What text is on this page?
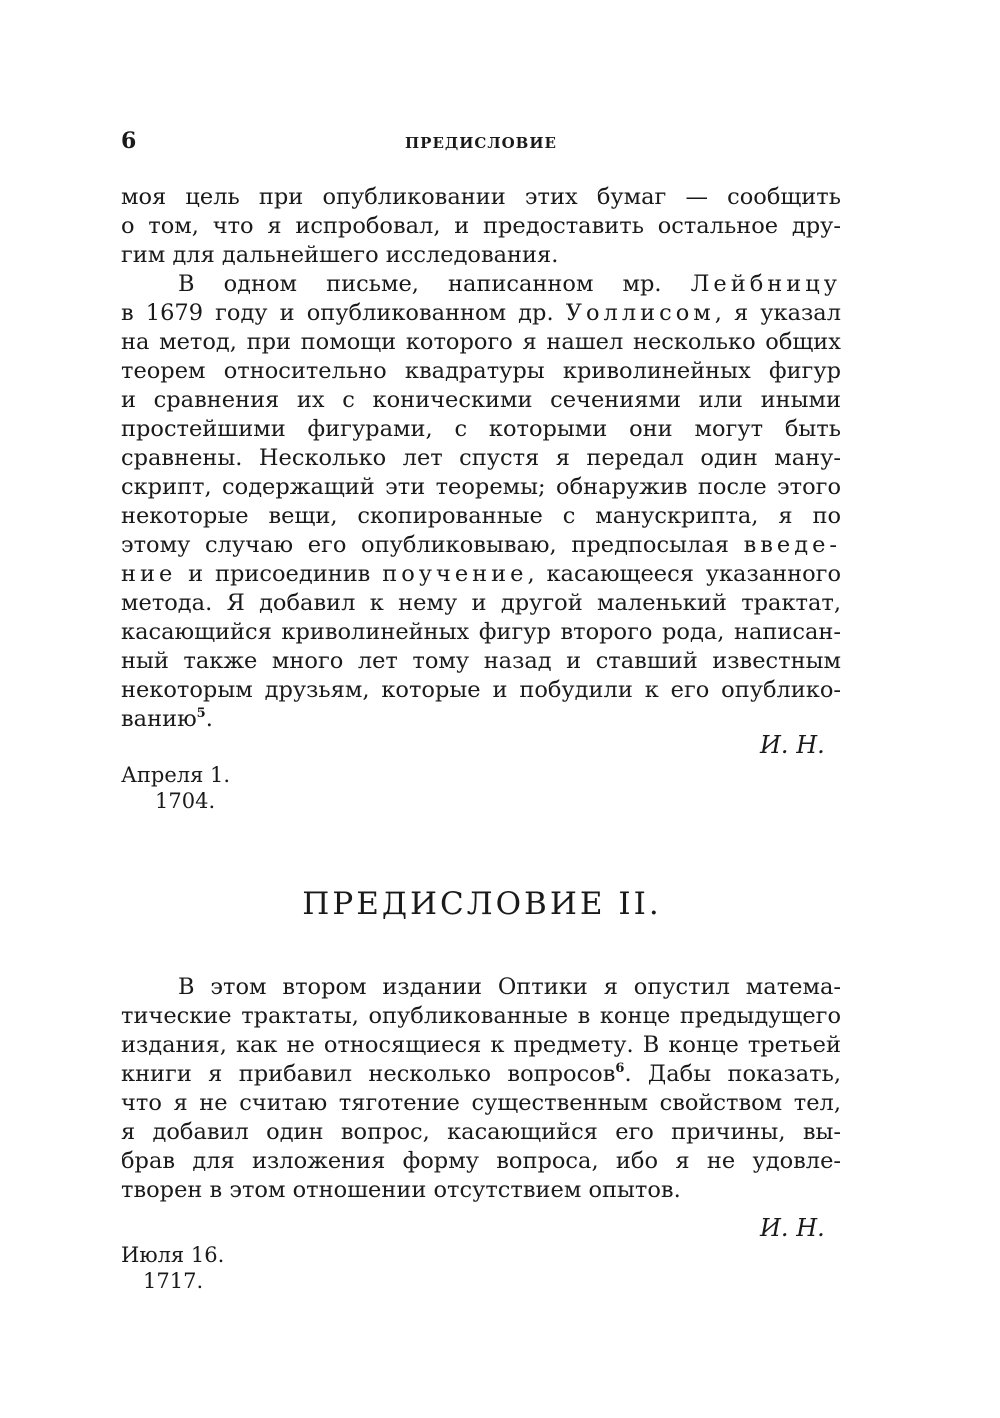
6	ПРЕДИСЛОВИЕ
моя цель при опубликовании этих бумаг — сообщить
о том, что я испробовал, и предоставить остальное дру-
гим для дальнейшего исследования.
В одном письме, написанном мр. Лейбницу
в 1679 году и опубликованном др. Уоллисом, я указал
на метод, при помощи которого я нашел несколько общих
теорем относительно квадратуры криволинейных фигур
и сравнения их с коническими сечениями или иными
простейшими фигурами, с которыми они могут быть
сравнены. Несколько лет спустя я передал один ману-
скрипт, содержащий эти теоремы; обнаружив после этого
некоторые вещи, скопированные с манускрипта, я по
этому случаю его опубликовываю, предпосылая введе-
ние и присоединив поучение, касающееся указанного
метода. Я добавил к нему и другой маленький трактат,
касающийся криволинейных фигур второго рода, написан-
ный также много лет тому назад и ставший известным
некоторым друзьям, которые и побудили к его опублико-
ванию$^5$.
И. Н.
Апреля 1.
1704.
ПРЕДИСЛОВИЕ II.
В этом втором издании Оптики я опустил матема-
тические трактаты, опубликованные в конце предыдущего
издания, как не относящиеся к предмету. В конце третьей
книги я прибавил несколько вопросов$^6$. Дабы показать,
что я не считаю тяготение существенным свойством тел,
я добавил один вопрос, касающийся его причины, вы-
брав для изложения форму вопроса, ибо я не удовле-
творен в этом отношении отсутствием опытов.
И. Н.
Июля 16.
1717.
